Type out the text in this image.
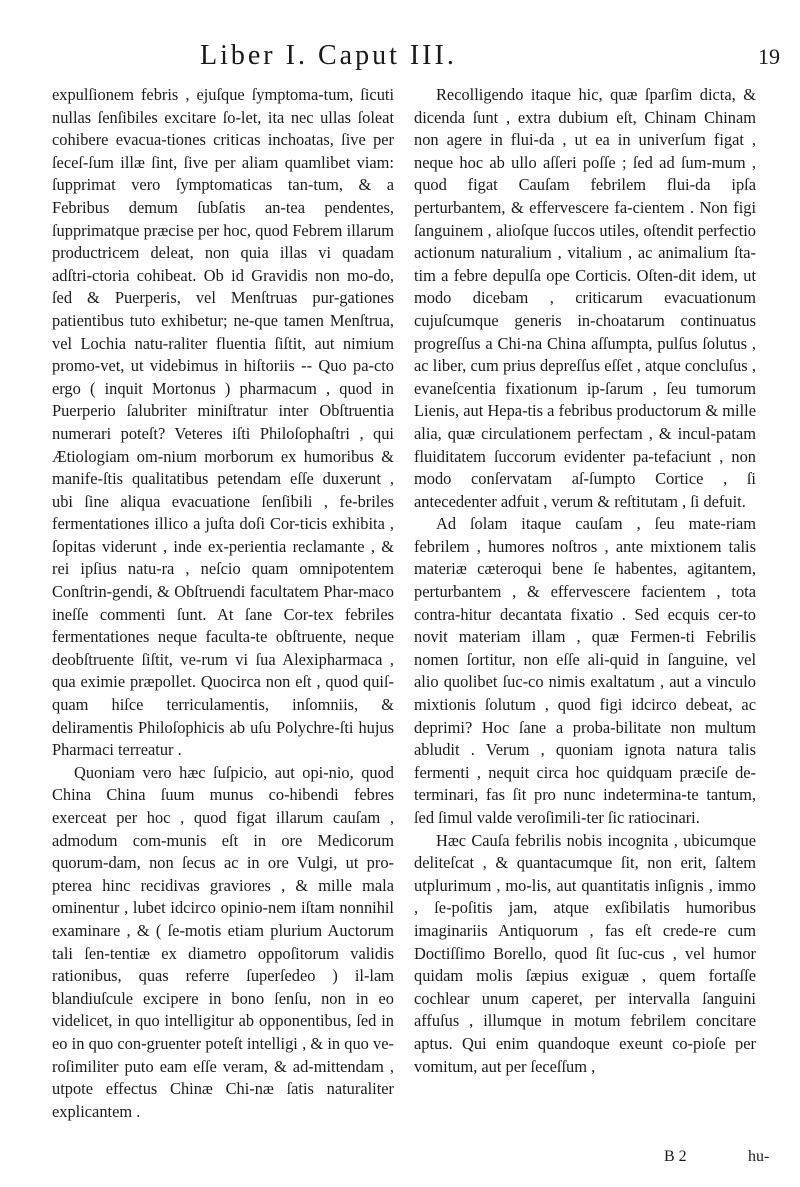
Liber I. Caput III.	19

expulſionem febris , ejuſque ſymptoma-tum, ſicuti nullas ſenſibiles excitare ſo-let, ita nec ullas ſoleat cohibere evacua-tiones criticas inchoatas, ſive per ſeceſ-ſum illæ ſint, ſive per aliam quamlibet viam: ſupprimat vero ſymptomaticas tan-tum, & a Febribus demum ſubſatis an-tea pendentes, ſupprimatque præcise per hoc, quod Febrem illarum productricem deleat, non quia illas vi quadam adſtri-ctoria cohibeat. Ob id Gravidis non mo-do, ſed & Puerperis, vel Menſtruas pur-gationes patientibus tuto exhibetur; ne-que tamen Menſtrua, vel Lochia natu-raliter fluentia ſiſtit, aut nimium promo-vet, ut videbimus in hiſtoriis -- Quo pa-cto ergo ( inquit Mortonus ) pharmacum , quod in Puerperio ſalubriter miniſtratur inter Obſtruentia numerari poteſt? Veteres iſti Philoſophaſtri , qui Ætiologiam om-nium morborum ex humoribus & manife-ſtis qualitatibus petendam eſſe duxerunt , ubi ſine aliqua evacuatione ſenſibili , fe-briles fermentationes illico a juſta doſi Cor-ticis exhibita , ſopitas viderunt , inde ex-perientia reclamante , & rei ipſius natu-ra , neſcio quam omnipotentem Conſtrin-gendi, & Obſtruendi facultatem Phar-maco ineſſe commenti ſunt. At ſane Cor-tex febriles fermentationes neque faculta-te obſtruente, neque deobſtruente ſiſtit, ve-rum vi ſua Alexipharmaca , qua eximie præpollet. Quocirca non eſt , quod quiſ-quam hiſce terriculamentis, inſomniis, & deliramentis Philoſophicis ab uſu Polychre-ſti hujus Pharmaci terreatur .

Quoniam vero hæc ſuſpicio, aut opi-nio, quod China China ſuum munus co-hibendi febres exerceat per hoc , quod figat illarum cauſam , admodum com-munis eſt in ore Medicorum quorum-dam, non ſecus ac in ore Vulgi, ut pro-pterea hinc recidivas graviores , & mille mala ominentur , lubet idcirco opinio-nem iſtam nonnihil examinare , & ( ſe-motis etiam plurium Auctorum tali ſen-tentiæ ex diametro oppoſitorum validis rationibus, quas referre ſuperſedeo ) il-lam blandiuſcule excipere in bono ſenſu, non in eo videlicet, in quo intelligitur ab opponentibus, ſed in eo in quo con-gruenter poteſt intelligi , & in quo ve-roſimiliter puto eam eſſe veram, & ad-mittendam , utpote effectus Chinæ Chi-næ ſatis naturaliter explicantem .

Recolligendo itaque hic, quæ ſparſim dicta, & dicenda ſunt , extra dubium eſt, Chinam Chinam non agere in flui-da , ut ea in univerſum figat , neque hoc ab ullo aſſeri poſſe ; ſed ad ſum-mum , quod figat Cauſam febrilem flui-da ipſa perturbantem, & effervescere fa-cientem . Non figi ſanguinem , alioſque ſuccos utiles, oſtendit perfectio actionum naturalium , vitalium , ac animalium ſta-tim a febre depulſa ope Corticis. Oſten-dit idem, ut modo dicebam , criticarum evacuationum cujuſcumque generis in-choatarum continuatus progreſſus a Chi-na China aſſumpta, pulſus ſolutus , ac liber, cum prius depreſſus eſſet , atque concluſus , evaneſcentia fixationum ip-ſarum , ſeu tumorum Lienis, aut Hepa-tis a febribus productorum & mille alia, quæ circulationem perfectam , & incul-patam fluiditatem ſuccorum evidenter pa-tefaciunt , non modo conſervatam aſ-ſumpto Cortice , ſi antecedenter adfuit , verum & reſtitutam , ſi defuit.

Ad ſolam itaque cauſam , ſeu mate-riam febrilem , humores noſtros , ante mixtionem talis materiæ cæteroqui bene ſe habentes, agitantem, perturbantem , & effervescere facientem , tota contra-hitur decantata fixatio . Sed ecquis cer-to novit materiam illam , quæ Fermen-ti Febrilis nomen ſortitur, non eſſe ali-quid in ſanguine, vel alio quolibet ſuc-co nimis exaltatum , aut a vinculo mixtionis ſolutum , quod figi idcirco debeat, ac deprimi? Hoc ſane a proba-bilitate non multum abludit . Verum , quoniam ignota natura talis fermenti , nequit circa hoc quidquam præciſe de-terminari, fas ſit pro nunc indetermina-te tantum, ſed ſimul valde veroſimili-ter ſic ratiocinari.

Hæc Cauſa febrilis nobis incognita , ubicumque deliteſcat , & quantacumque ſit, non erit, ſaltem utplurimum , mo-lis, aut quantitatis inſignis , immo , ſe-poſitis jam, atque exſibilatis humoribus imaginariis Antiquorum , fas eſt crede-re cum Doctiſſimo Borello, quod ſit ſuc-cus , vel humor quidam molis ſæpius exiguæ , quem fortaſſe cochlear unum caperet, per intervalla ſanguini affuſus , illumque in motum febrilem concitare aptus. Qui enim quandoque exeunt co-pioſe per vomitum, aut per ſeceſſum ,

B 2	hu-
